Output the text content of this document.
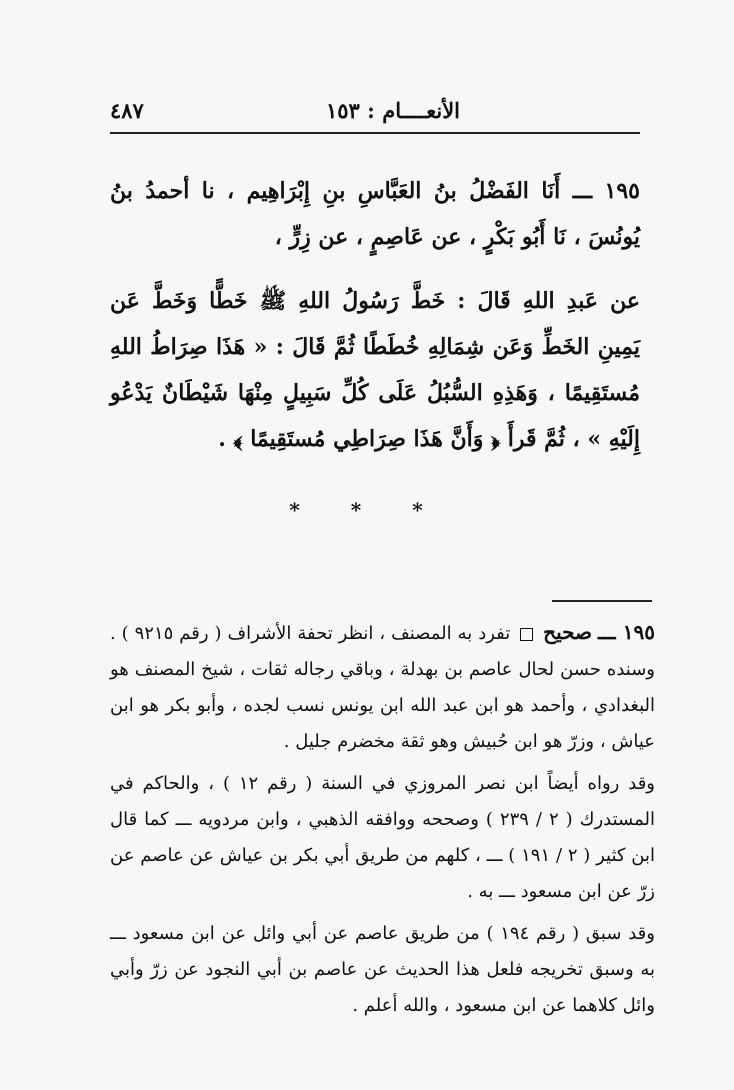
الأنعــــام : ١٥٣
٤٨٧

١٩٥ ـــ أَنَا الفَضْلُ بنُ العَبَّاسِ بنِ إِبْرَاهِيم ، نا أحمدُ بنُ يُونُسَ ، نَا أَبُو بَكْرٍ ، عن عَاصِمٍ ، عن زِرٍّ ،

عن عَبدِ اللهِ قَالَ : خَطَّ رَسُولُ اللهِ ﷺ خَطًّا وَخَطَّ عَن يَمِينِ الخَطِّ وَعَن شِمَالِهِ خُطَطًا ثُمَّ قَالَ : « هَذَا صِرَاطُ اللهِ مُستَقِيمًا ، وَهَذِهِ السُّبُلُ عَلَى كُلِّ سَبِيلٍ مِنْهَا شَيْطَانٌ يَدْعُو إِلَيْهِ » ، ثُمَّ قَرأَ ﴿ وَأَنَّ هَذَا صِرَاطِي مُستَقِيمًا ﴾ .

* * *

١٩٥ ـــ صحيح  تفرد به المصنف ، انظر تحفة الأشراف ( رقم ٩٢١٥ ) . وسنده حسن لحال عاصم بن بهدلة ، وباقي رجاله ثقات ، شيخ المصنف هو البغدادي ، وأحمد هو ابن عبد الله ابن يونس نسب لجده ، وأبو بكر هو ابن عياش ، وزرّ هو ابن حُبيش وهو ثقة مخضرم جليل .

وقد رواه أيضاً ابن نصر المروزي في السنة ( رقم ١٢ ) ، والحاكم في المستدرك ( ٢ / ٢٣٩ ) وصححه ووافقه الذهبي ، وابن مردويه ـــ كما قال ابن كثير ( ٢ / ١٩١ ) ـــ ، كلهم من طريق أبي بكر بن عياش عن عاصم عن زرّ عن ابن مسعود ـــ به .

وقد سبق ( رقم ١٩٤ ) من طريق عاصم عن أبي وائل عن ابن مسعود ـــ به وسبق تخريجه فلعل هذا الحديث عن عاصم بن أبي النجود عن زرّ وأبي وائل كلاهما عن ابن مسعود ، والله أعلم .
